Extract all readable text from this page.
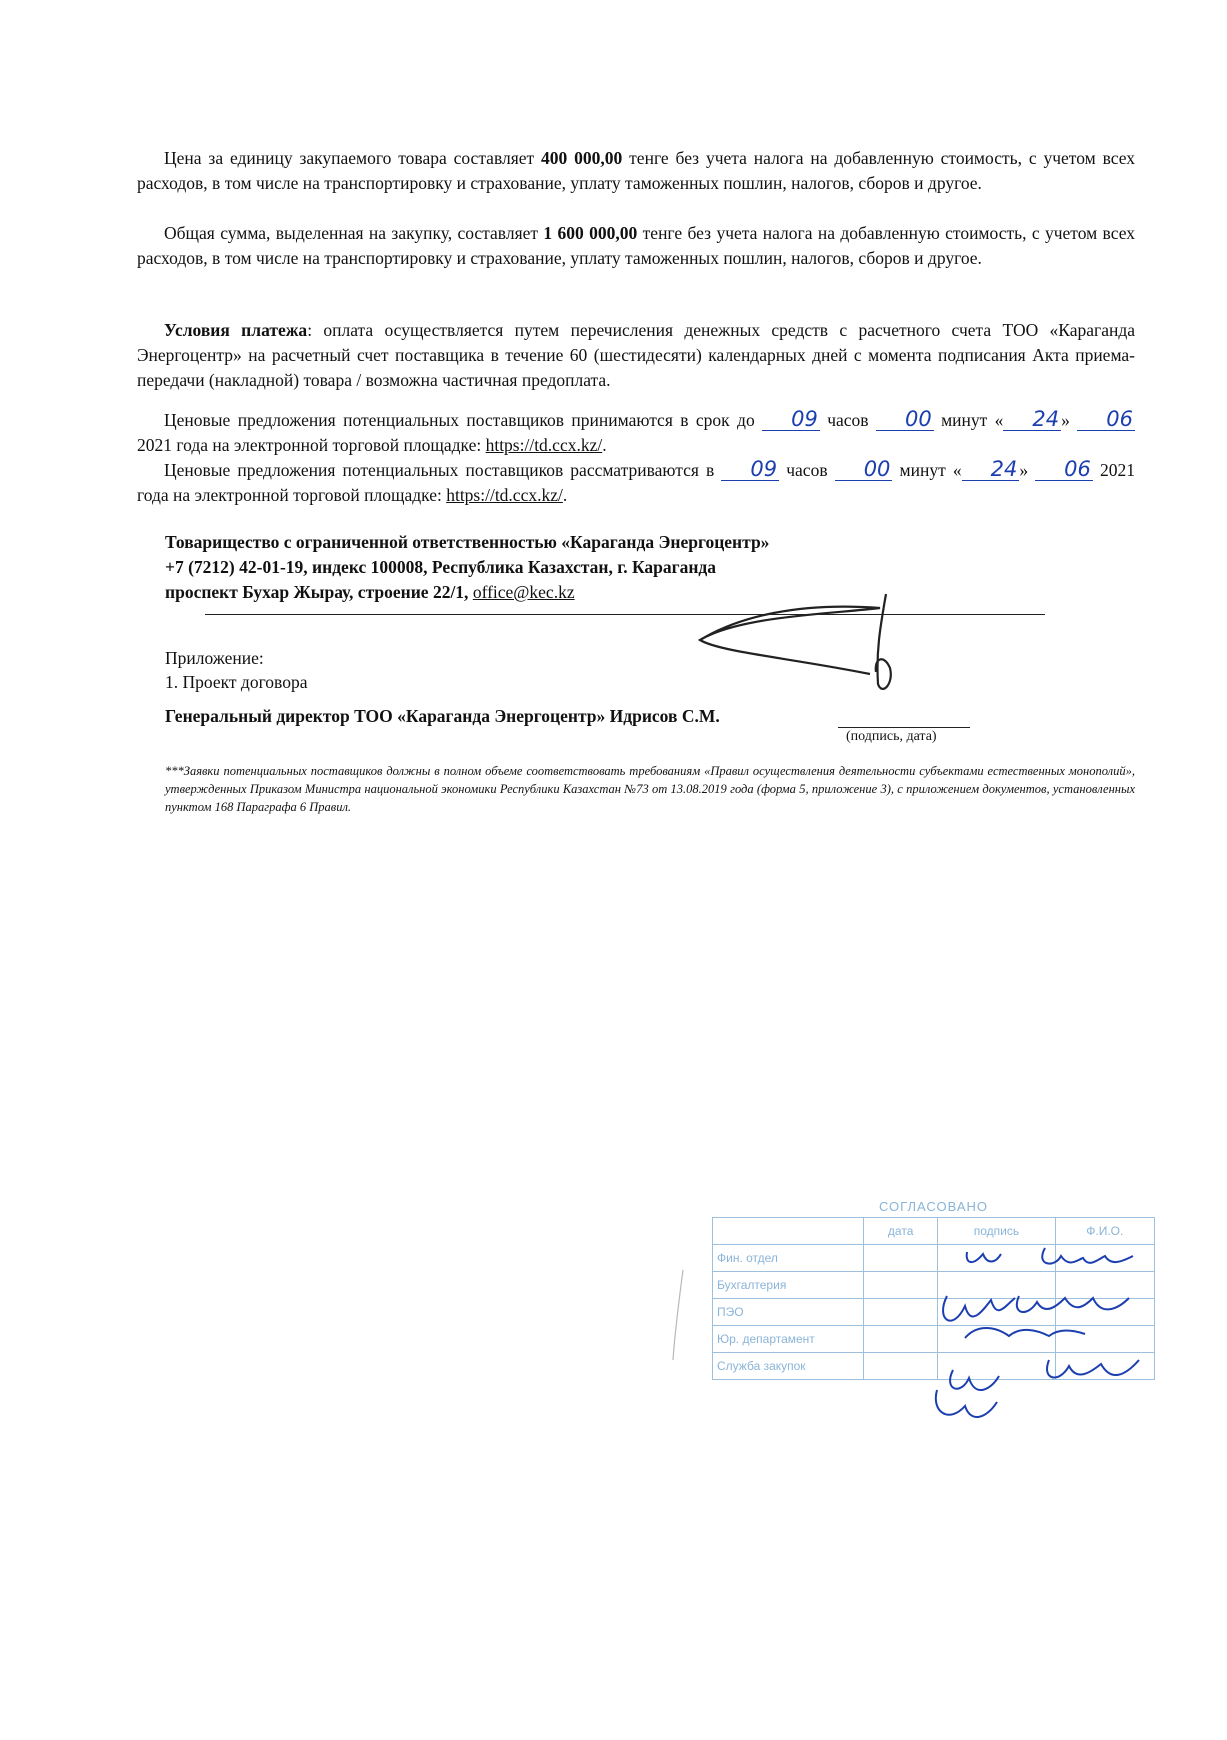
Цена за единицу закупаемого товара составляет 400 000,00 тенге без учета налога на добавленную стоимость, с учетом всех расходов, в том числе на транспортировку и страхование, уплату таможенных пошлин, налогов, сборов и другое.

Общая сумма, выделенная на закупку, составляет 1 600 000,00 тенге без учета налога на добавленную стоимость, с учетом всех расходов, в том числе на транспортировку и страхование, уплату таможенных пошлин, налогов, сборов и другое.

Условия платежа: оплата осуществляется путем перечисления денежных средств с расчетного счета ТОО «Караганда Энергоцентр» на расчетный счет поставщика в течение 60 (шестидесяти) календарных дней с момента подписания Акта приема-передачи (накладной) товара / возможна частичная предоплата.

Ценовые предложения потенциальных поставщиков принимаются в срок до 09 часов 00 минут « 24 » 06 2021 года на электронной торговой площадке: https://td.ccx.kz/.

Ценовые предложения потенциальных поставщиков рассматриваются в 09 часов 00 минут « 24 » 06 2021 года на электронной торговой площадке: https://td.ccx.kz/.

Товарищество с ограниченной ответственностью «Караганда Энергоцентр»
+7 (7212) 42-01-19, индекс 100008, Республика Казахстан, г. Караганда
проспект Бухар Жырау, строение 22/1, office@kec.kz
Приложение:
1. Проект договора
Генеральный директор ТОО «Караганда Энергоцентр» Идрисов С.М.
(подпись, дата)

***Заявки потенциальных поставщиков должны в полном объеме соответствовать требованиям «Правил осуществления деятельности субъектами естественных монополий», утвержденных Приказом Министра национальной экономики Республики Казахстан №73 от 13.08.2019 года (форма 5, приложение 3), с приложением документов, установленных пунктом 168 Параграфа 6 Правил.

СОГЛАСОВАНО
	дата	подпись	Ф.И.О.
Фин. отдел			
Бухгалтерия			
ПЭО			
Юр. департамент			
Служба закупок			
